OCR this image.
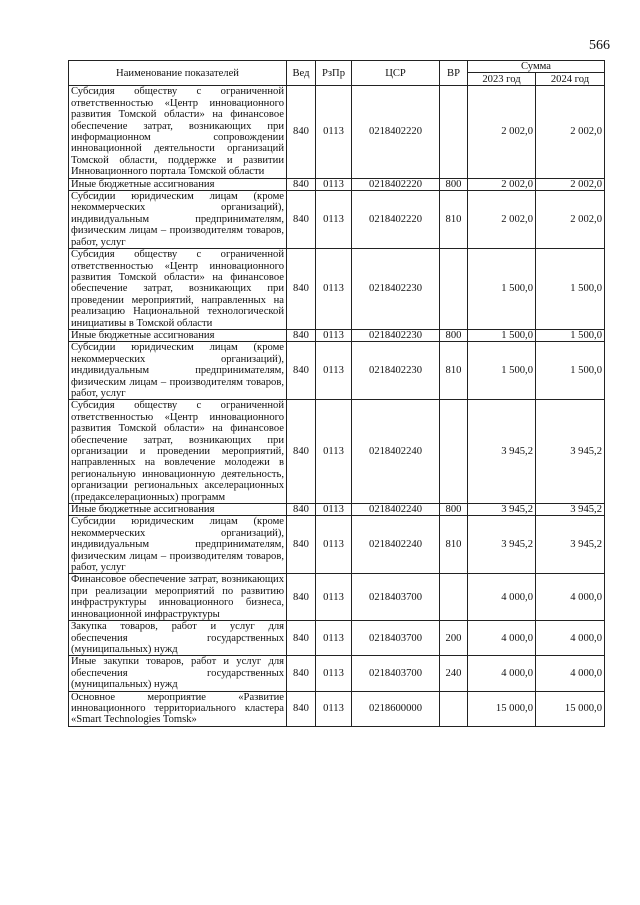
566
Наименование показателей	Вед	РзПр	ЦСР	ВР	Сумма	
					2023 год	2024 год
Субсидия обществу с ограниченной ответственностью «Центр инновационного развития Томской области» на финансовое обеспечение затрат, возникающих при информационном сопровождении инновационной деятельности организаций Томской области, поддержке и развитии Инновационного портала Томской области	840	0113	0218402220		2 002,0	2 002,0
Иные бюджетные ассигнования	840	0113	0218402220	800	2 002,0	2 002,0
Субсидии юридическим лицам (кроме некоммерческих организаций), индивидуальным предпринимателям, физическим лицам – производителям товаров, работ, услуг	840	0113	0218402220	810	2 002,0	2 002,0
Субсидия обществу с ограниченной ответственностью «Центр инновационного развития Томской области» на финансовое обеспечение затрат, возникающих при проведении мероприятий, направленных на реализацию Национальной технологической инициативы в Томской области	840	0113	0218402230		1 500,0	1 500,0
Иные бюджетные ассигнования	840	0113	0218402230	800	1 500,0	1 500,0
Субсидии юридическим лицам (кроме некоммерческих организаций), индивидуальным предпринимателям, физическим лицам – производителям товаров, работ, услуг	840	0113	0218402230	810	1 500,0	1 500,0
Субсидия обществу с ограниченной ответственностью «Центр инновационного развития Томской области» на финансовое обеспечение затрат, возникающих при организации и проведении мероприятий, направленных на вовлечение молодежи в региональную инновационную деятельность, организации региональных акселерационных (предакселерационных) программ	840	0113	0218402240		3 945,2	3 945,2
Иные бюджетные ассигнования	840	0113	0218402240	800	3 945,2	3 945,2
Субсидии юридическим лицам (кроме некоммерческих организаций), индивидуальным предпринимателям, физическим лицам – производителям товаров, работ, услуг	840	0113	0218402240	810	3 945,2	3 945,2
Финансовое обеспечение затрат, возникающих при реализации мероприятий по развитию инфраструктуры инновационного бизнеса, инновационной инфраструктуры	840	0113	0218403700		4 000,0	4 000,0
Закупка товаров, работ и услуг для обеспечения государственных (муниципальных) нужд	840	0113	0218403700	200	4 000,0	4 000,0
Иные закупки товаров, работ и услуг для обеспечения государственных (муниципальных) нужд	840	0113	0218403700	240	4 000,0	4 000,0
Основное мероприятие «Развитие инновационного территориального кластера «Smart Technologies Tomsk»	840	0113	0218600000		15 000,0	15 000,0
